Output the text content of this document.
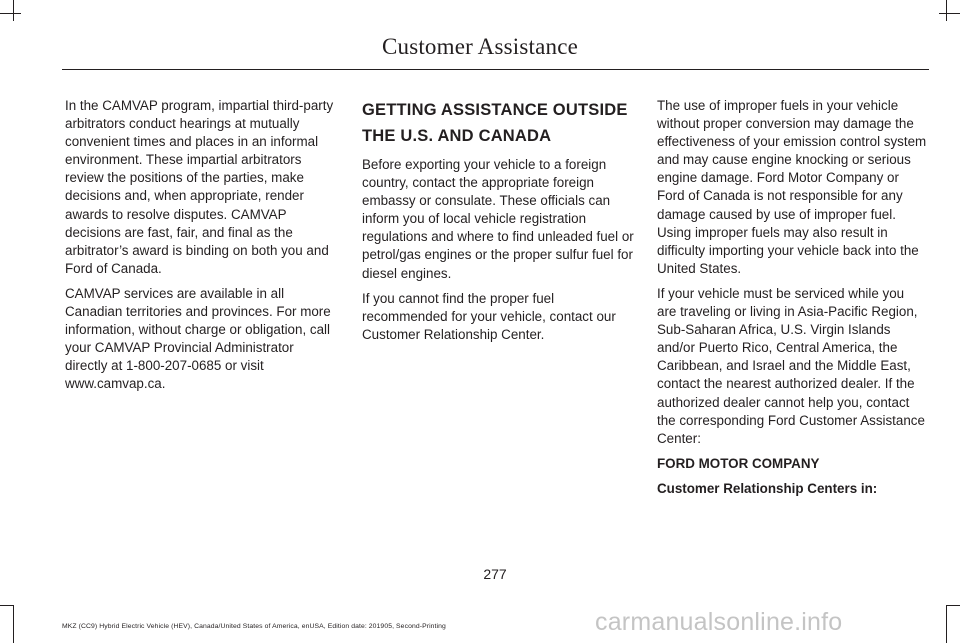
Customer Assistance

In the CAMVAP program, impartial third-party arbitrators conduct hearings at mutually convenient times and places in an informal environment. These impartial arbitrators review the positions of the parties, make decisions and, when appropriate, render awards to resolve disputes. CAMVAP decisions are fast, fair, and final as the arbitrator’s award is binding on both you and Ford of Canada.

CAMVAP services are available in all Canadian territories and provinces. For more information, without charge or obligation, call your CAMVAP Provincial Administrator directly at 1-800-207-0685 or visit www.camvap.ca.

GETTING ASSISTANCE OUTSIDE THE U.S. AND CANADA

Before exporting your vehicle to a foreign country, contact the appropriate foreign embassy or consulate. These officials can inform you of local vehicle registration regulations and where to find unleaded fuel or petrol/gas engines or the proper sulfur fuel for diesel engines.

If you cannot find the proper fuel recommended for your vehicle, contact our Customer Relationship Center.

The use of improper fuels in your vehicle without proper conversion may damage the effectiveness of your emission control system and may cause engine knocking or serious engine damage. Ford Motor Company or Ford of Canada is not responsible for any damage caused by use of improper fuel. Using improper fuels may also result in difficulty importing your vehicle back into the United States.

If your vehicle must be serviced while you are traveling or living in Asia-Pacific Region, Sub-Saharan Africa, U.S. Virgin Islands and/or Puerto Rico, Central America, the Caribbean, and Israel and the Middle East, contact the nearest authorized dealer. If the authorized dealer cannot help you, contact the corresponding Ford Customer Assistance Center:

FORD MOTOR COMPANY

Customer Relationship Centers in:

277
MKZ (CC9) Hybrid Electric Vehicle (HEV), Canada/United States of America, enUSA, Edition date: 201905, Second-Printing	carmanualsonline.info
